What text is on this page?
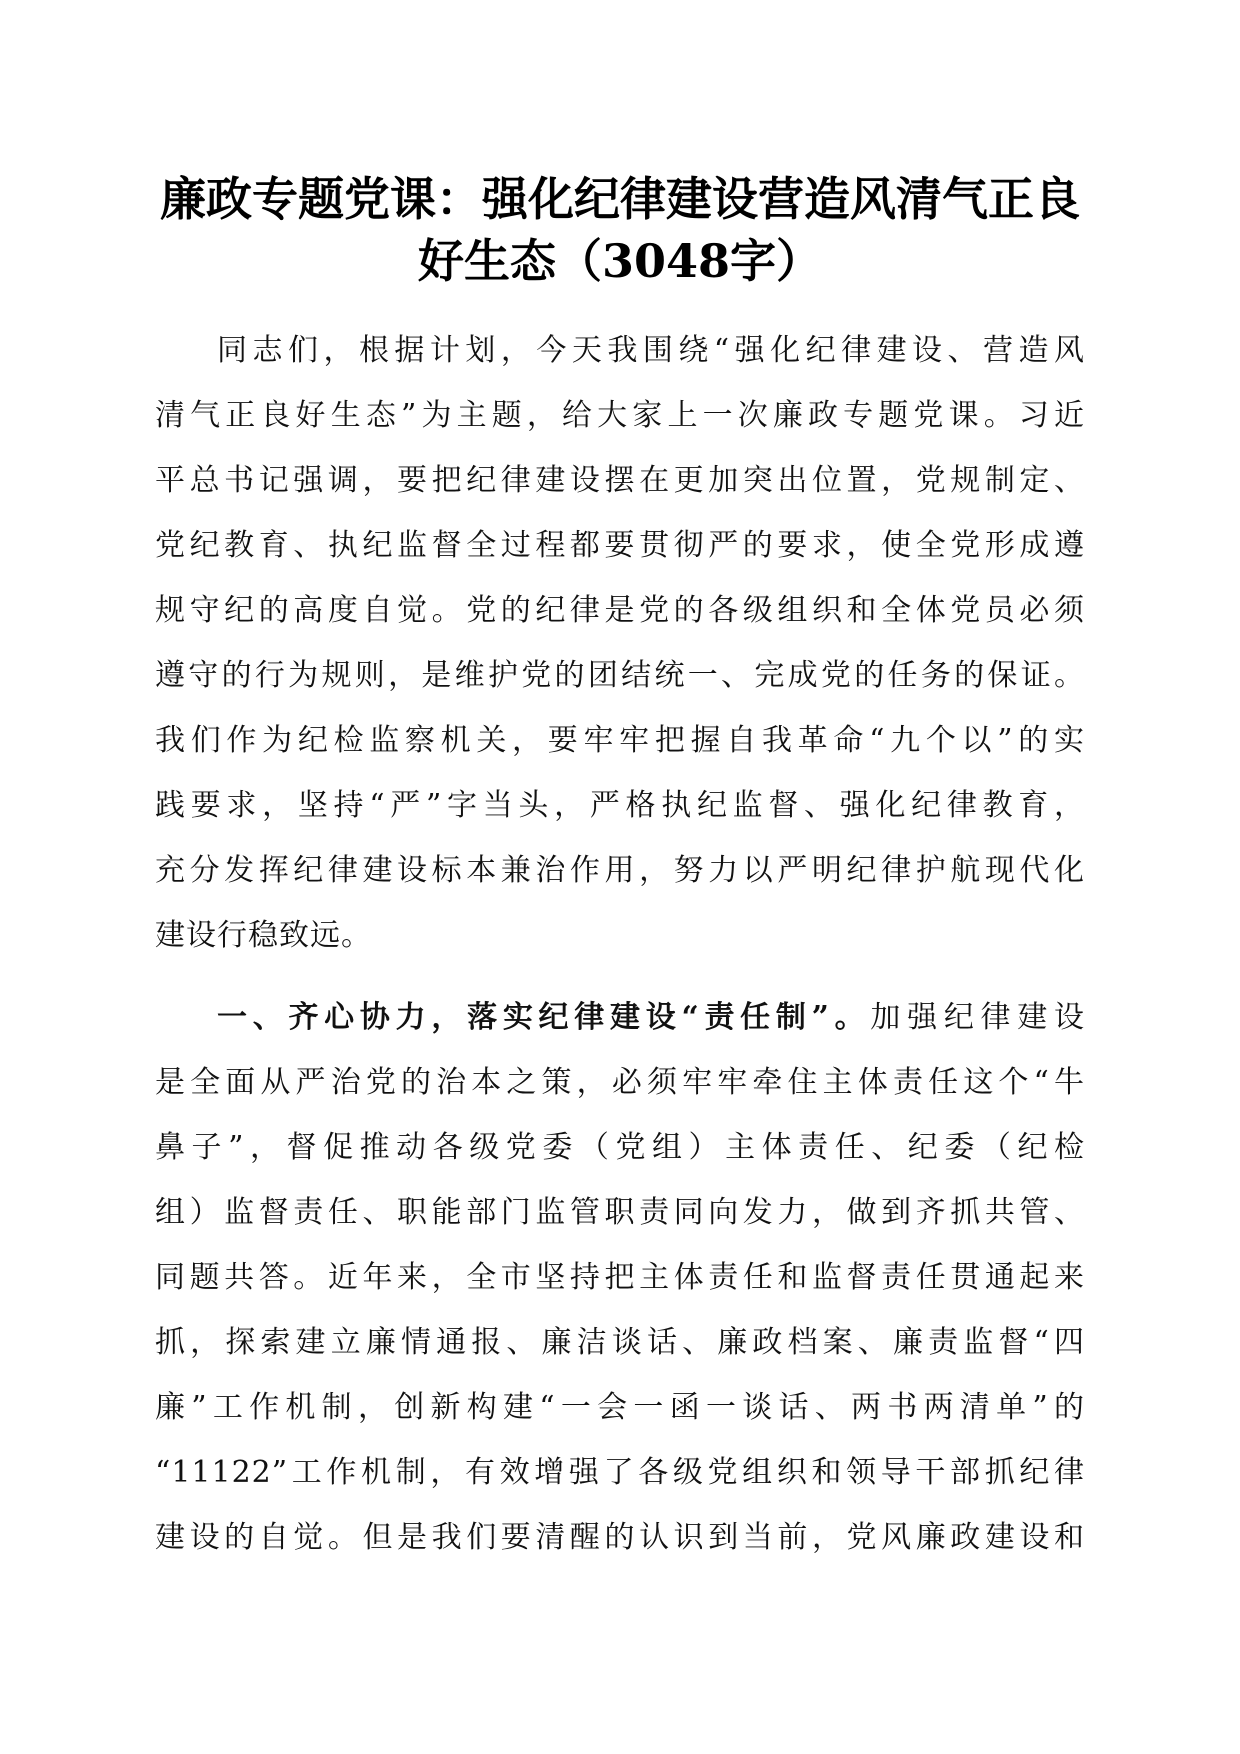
廉政专题党课：强化纪律建设营造风清气正良
好生态（3048字）
同志们，根据计划，今天我围绕“强化纪律建设、营造风
清气正良好生态”为主题，给大家上一次廉政专题党课。习近
平总书记强调，要把纪律建设摆在更加突出位置，党规制定、
党纪教育、执纪监督全过程都要贯彻严的要求，使全党形成遵
规守纪的高度自觉。党的纪律是党的各级组织和全体党员必须
遵守的行为规则，是维护党的团结统一、完成党的任务的保证。
我们作为纪检监察机关，要牢牢把握自我革命“九个以”的实
践要求，坚持“严”字当头，严格执纪监督、强化纪律教育，
充分发挥纪律建设标本兼治作用，努力以严明纪律护航现代化
建设行稳致远。
一、齐心协力，落实纪律建设“责任制”。加强纪律建设
是全面从严治党的治本之策，必须牢牢牵住主体责任这个“牛
鼻子”，督促推动各级党委（党组）主体责任、纪委（纪检
组）监督责任、职能部门监管职责同向发力，做到齐抓共管、
同题共答。近年来，全市坚持把主体责任和监督责任贯通起来
抓，探索建立廉情通报、廉洁谈话、廉政档案、廉责监督“四
廉”工作机制，创新构建“一会一函一谈话、两书两清单”的
“11122”工作机制，有效增强了各级党组织和领导干部抓纪律
建设的自觉。但是我们要清醒的认识到当前，党风廉政建设和
